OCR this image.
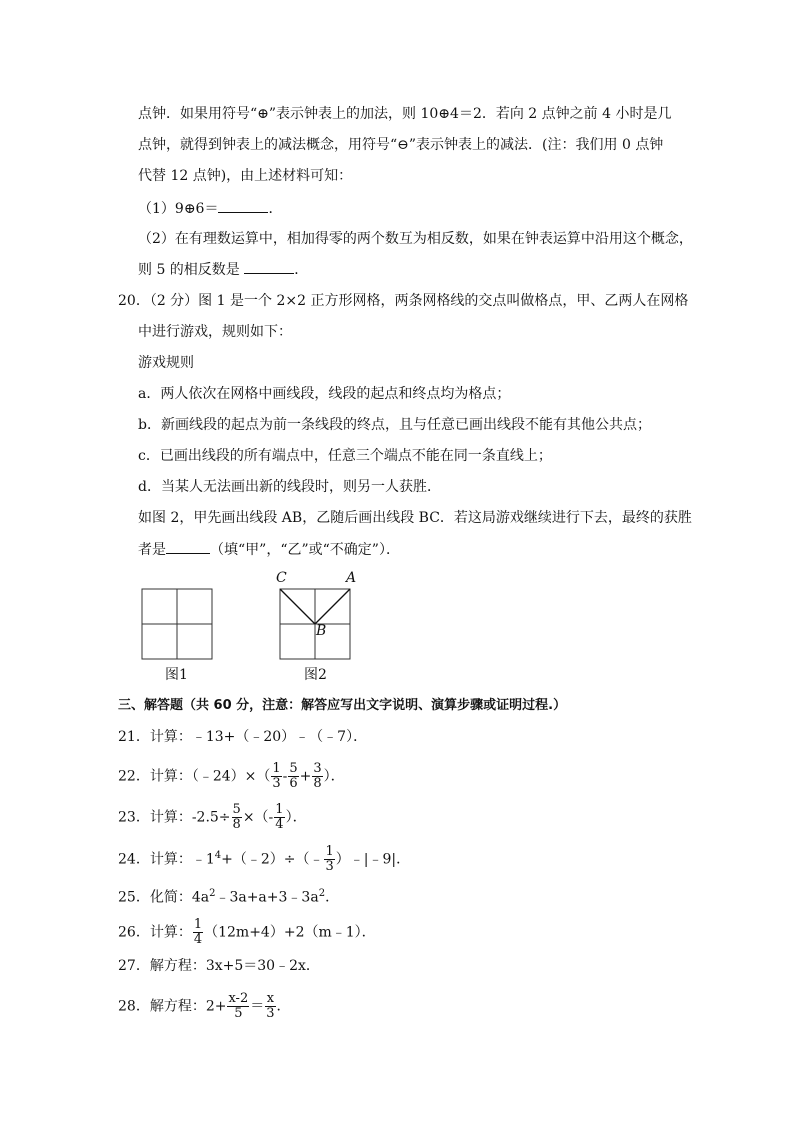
点钟．如果用符号“⊕”表示钟表上的加法，则 10⊕4＝2．若向 2 点钟之前 4 小时是几
点钟，就得到钟表上的减法概念，用符号“⊖”表示钟表上的减法．(注：我们用 0 点钟
代替 12 点钟)，由上述材料可知：
（1）9⊕6＝	．
（2）在有理数运算中，相加得零的两个数互为相反数，如果在钟表运算中沿用这个概念，
则 5 的相反数是	．
20．（2 分）图 1 是一个 2×2 正方形网格，两条网格线的交点叫做格点，甲、乙两人在网格
中进行游戏，规则如下：
游戏规则
a．两人依次在网格中画线段，线段的起点和终点均为格点；
b．新画线段的起点为前一条线段的终点，且与任意已画出线段不能有其他公共点；
c．已画出线段的所有端点中，任意三个端点不能在同一条直线上；
d．当某人无法画出新的线段时，则另一人获胜．
如图 2，甲先画出线段 AB，乙随后画出线段 BC．若这局游戏继续进行下去，最终的获胜
者是	（填“甲”，“乙”或“不确定”）．
图1
C	A
B
图2
三、解答题（共 60 分，注意：解答应写出文字说明、演算步骤或证明过程.）
21．计算：﹣13+（﹣20）﹣（﹣7）．
22．计算：（﹣24）×（ $\frac{1}{3} - \frac{5}{6} + \frac{3}{8}$ ）．
23．计算：$-2.5\div \frac{5}{8}$ ×（- $\frac{1}{4}$ ）．
24．计算：$﹣1^4+(﹣2)\div(﹣ \frac{1}{3}$ ）﹣|﹣9|．
25．化简：$4a^2﹣3a+a+3﹣3a^2$．
26．计算： $\frac{1}{4}$ （12m+4）+2（m﹣1）．
27．解方程：3x+5＝30﹣2x．
28．解方程：$2+ \frac{x-2}{5} = \frac{x}{3}$ ．
